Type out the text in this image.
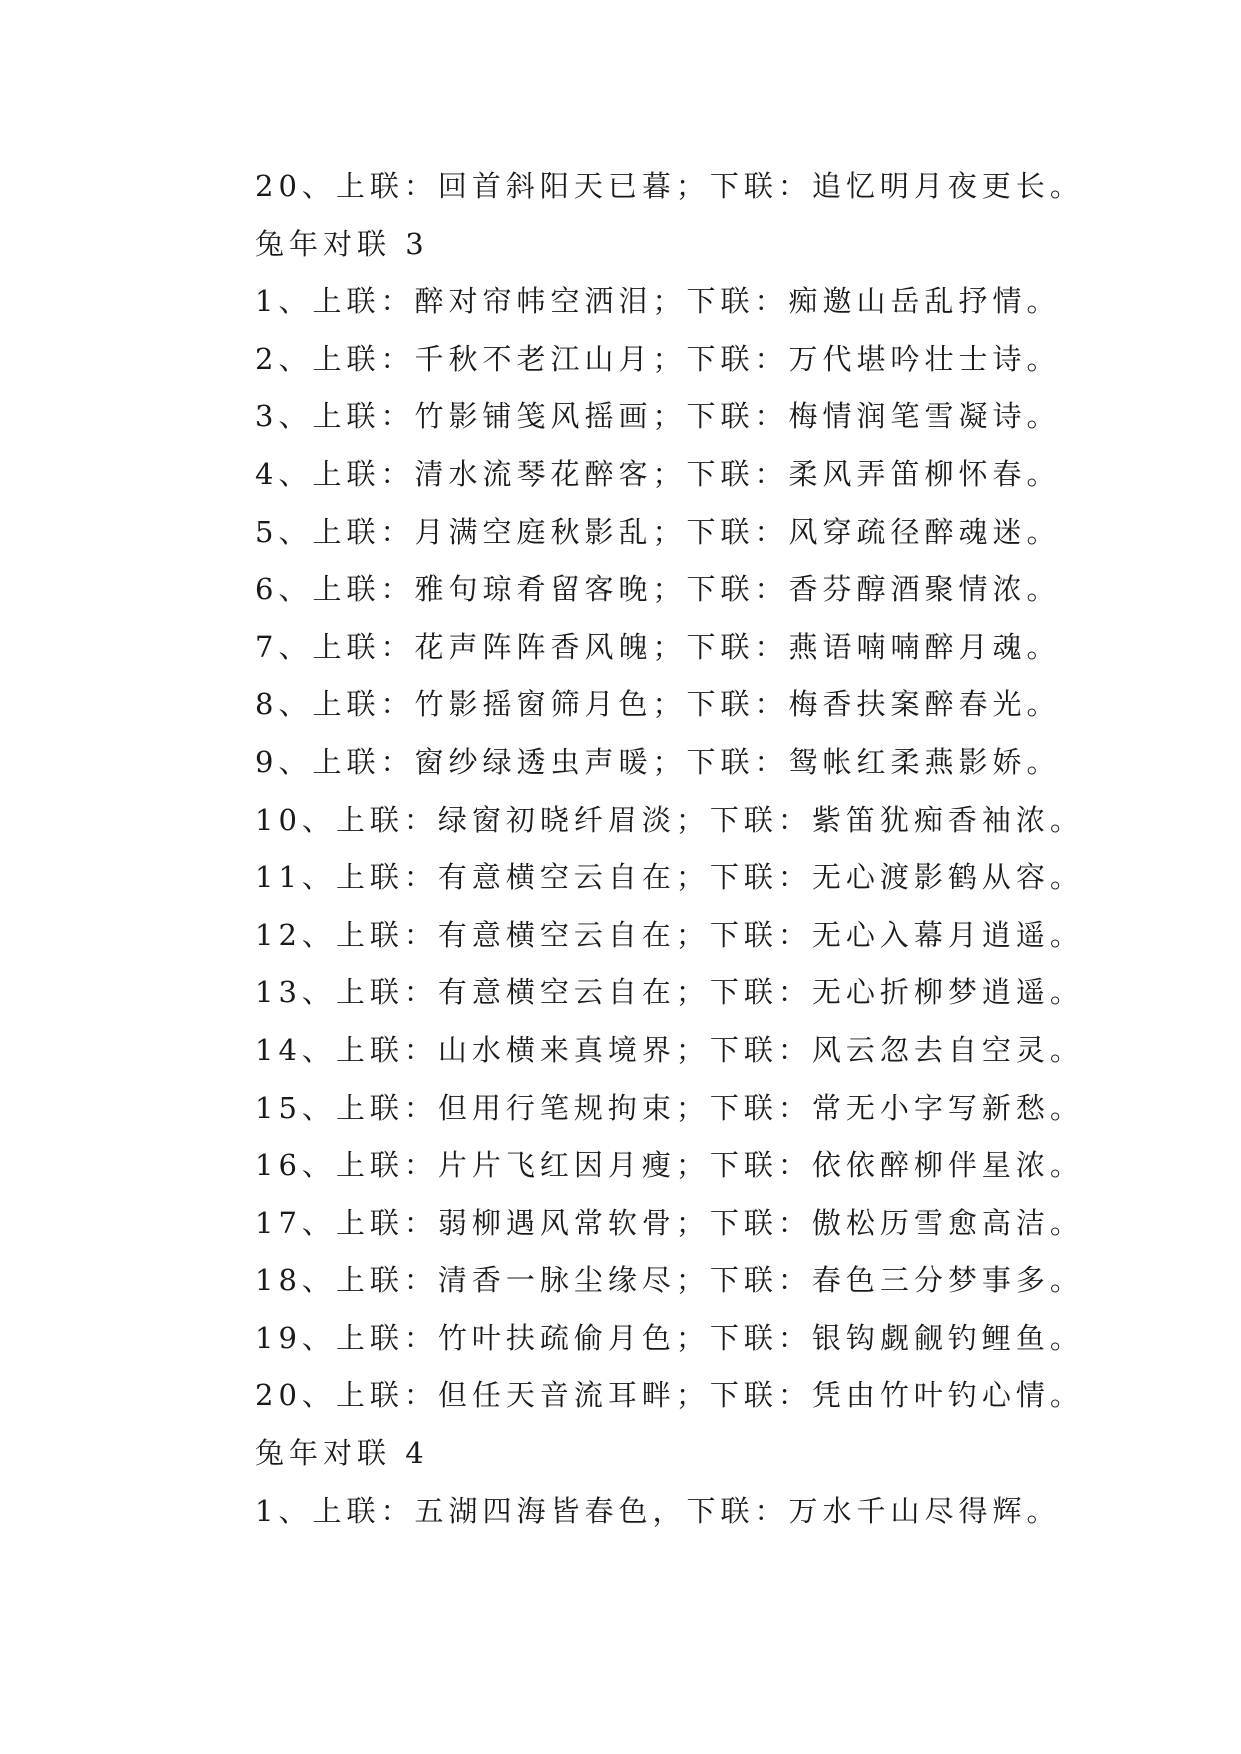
20、上联：回首斜阳天已暮；下联：追忆明月夜更长。
兔年对联 3
1、上联：醉对帘帏空洒泪；下联：痴邀山岳乱抒情。
2、上联：千秋不老江山月；下联：万代堪吟壮士诗。
3、上联：竹影铺笺风摇画；下联：梅情润笔雪凝诗。
4、上联：清水流琴花醉客；下联：柔风弄笛柳怀春。
5、上联：月满空庭秋影乱；下联：风穿疏径醉魂迷。
6、上联：雅句琼肴留客晚；下联：香芬醇酒聚情浓。
7、上联：花声阵阵香风魄；下联：燕语喃喃醉月魂。
8、上联：竹影摇窗筛月色；下联：梅香扶案醉春光。
9、上联：窗纱绿透虫声暖；下联：鸳帐红柔燕影娇。
10、上联：绿窗初晓纤眉淡；下联：紫笛犹痴香袖浓。
11、上联：有意横空云自在；下联：无心渡影鹤从容。
12、上联：有意横空云自在；下联：无心入幕月逍遥。
13、上联：有意横空云自在；下联：无心折柳梦逍遥。
14、上联：山水横来真境界；下联：风云忽去自空灵。
15、上联：但用行笔规拘束；下联：常无小字写新愁。
16、上联：片片飞红因月瘦；下联：依依醉柳伴星浓。
17、上联：弱柳遇风常软骨；下联：傲松历雪愈高洁。
18、上联：清香一脉尘缘尽；下联：春色三分梦事多。
19、上联：竹叶扶疏偷月色；下联：银钩觑觎钓鲤鱼。
20、上联：但任天音流耳畔；下联：凭由竹叶钓心情。
兔年对联 4
1、上联：五湖四海皆春色，下联：万水千山尽得辉。
